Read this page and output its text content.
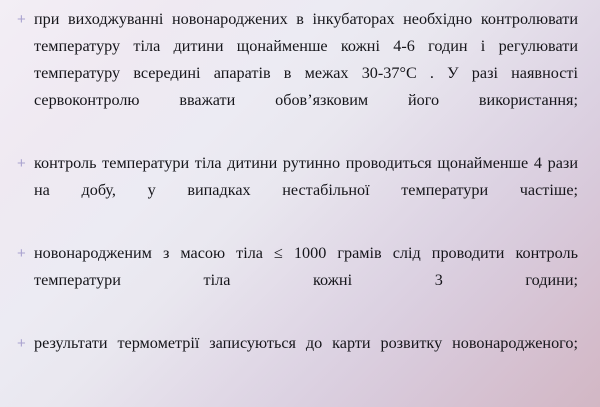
+ при виходжуванні новонароджених в інкубаторах необхідно контролювати температуру тіла дитини щонайменше кожні 4-6 годин і регулювати температуру всередині апаратів в межах 30-37°С . У разі наявності сервоконтролю вважати обов’язковим його використання;
+ контроль температури тіла дитини рутинно проводиться щонайменше 4 рази на добу, у випадках нестабільної температури частіше;
+ новонародженим з масою тіла ≤ 1000 грамів слід проводити контроль температури тіла кожні 3 години;
+ результати термометрії записуються до карти розвитку новонародженого;
